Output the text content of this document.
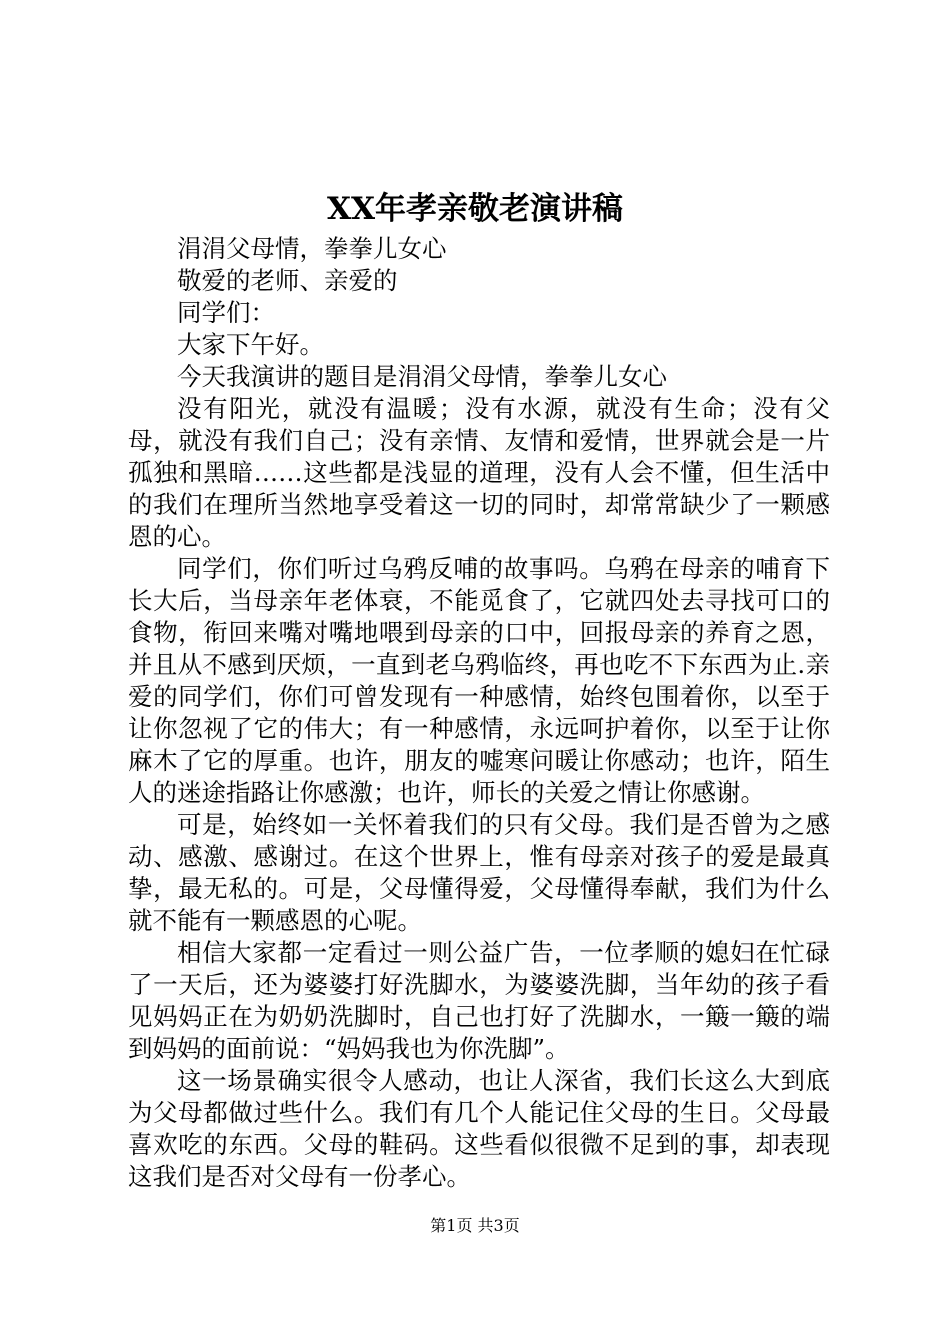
XX年孝亲敬老演讲稿

涓涓父母情，拳拳儿女心

敬爱的老师、亲爱的

同学们：

大家下午好。

今天我演讲的题目是涓涓父母情，拳拳儿女心

没有阳光，就没有温暖；没有水源，就没有生命；没有父母，就没有我们自己；没有亲情、友情和爱情，世界就会是一片孤独和黑暗……这些都是浅显的道理，没有人会不懂，但生活中的我们在理所当然地享受着这一切的同时，却常常缺少了一颗感恩的心。

同学们，你们听过乌鸦反哺的故事吗。乌鸦在母亲的哺育下长大后，当母亲年老体衰，不能觅食了，它就四处去寻找可口的食物，衔回来嘴对嘴地喂到母亲的口中，回报母亲的养育之恩，并且从不感到厌烦，一直到老乌鸦临终，再也吃不下东西为止.亲爱的同学们，你们可曾发现有一种感情，始终包围着你，以至于让你忽视了它的伟大；有一种感情，永远呵护着你，以至于让你麻木了它的厚重。也许，朋友的嘘寒问暖让你感动；也许，陌生人的迷途指路让你感激；也许，师长的关爱之情让你感谢。

可是，始终如一关怀着我们的只有父母。我们是否曾为之感动、感激、感谢过。在这个世界上，惟有母亲对孩子的爱是最真挚，最无私的。可是，父母懂得爱，父母懂得奉献，我们为什么就不能有一颗感恩的心呢。

相信大家都一定看过一则公益广告，一位孝顺的媳妇在忙碌了一天后，还为婆婆打好洗脚水，为婆婆洗脚，当年幼的孩子看见妈妈正在为奶奶洗脚时，自己也打好了洗脚水，一簸一簸的端到妈妈的面前说：“妈妈我也为你洗脚”。

这一场景确实很令人感动，也让人深省，我们长这么大到底为父母都做过些什么。我们有几个人能记住父母的生日。父母最喜欢吃的东西。父母的鞋码。这些看似很微不足到的事，却表现这我们是否对父母有一份孝心。

第1页 共3页
